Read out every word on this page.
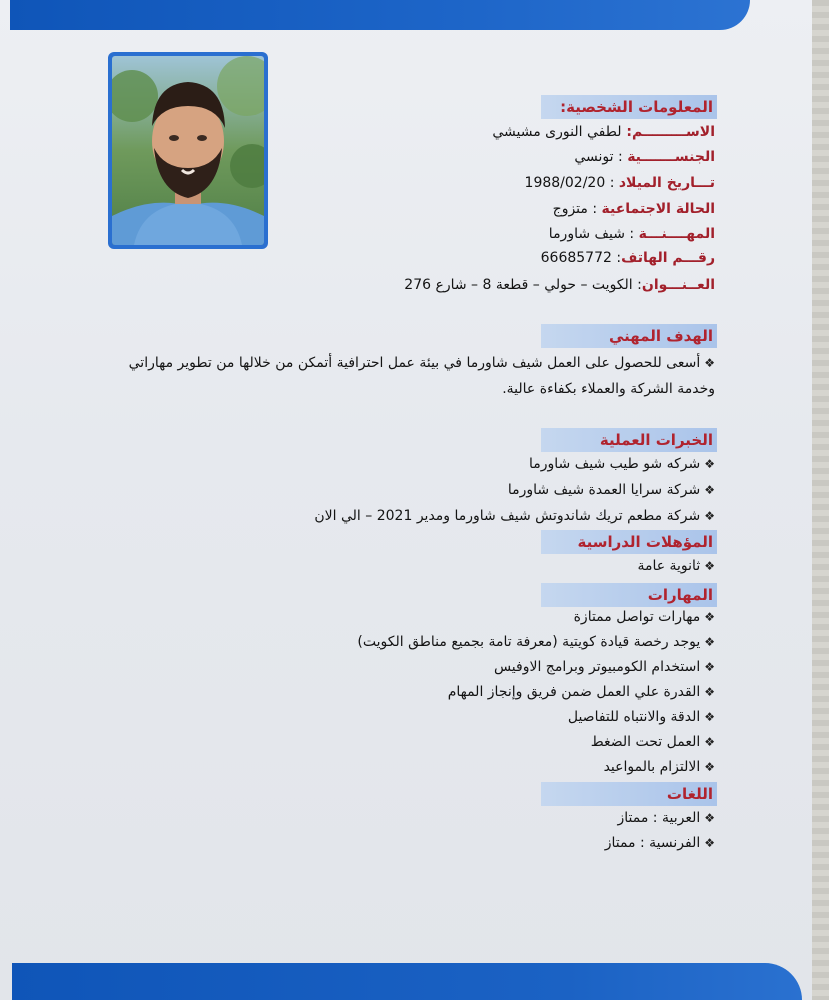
المعلومات الشخصية:
الاســـــــــم: لطفي النورى مشيشي
الجنســـــــية : تونسي
تـــاريخ الميلاد : 1988/02/20
الحالة الاجتماعية : متزوج
المهــــنـــة : شيف شاورما
رقـــم الهاتف: 66685772
العــنـــوان: الكويت – حولي – قطعة 8 – شارع 276
الهدف المهني
❖أسعى للحصول على العمل شيف شاورما في بيئة عمل احترافية أتمكن من خلالها من تطوير مهاراتي وخدمة الشركة والعملاء بكفاءة عالية.
الخبرات العملية
❖شركه شو طيب شيف شاورما
❖شركة سرايا العمدة شيف شاورما
❖شركة مطعم تريك شاندوتش شيف شاورما ومدير 2021 – الي الان
المؤهلات الدراسية
❖ثانوية عامة
المهارات
❖مهارات تواصل ممتازة
❖يوجد رخصة قيادة كويتية (معرفة تامة بجميع مناطق الكويت)
❖استخدام الكومبيوتر وبرامج الاوفيس
❖القدرة علي العمل ضمن فريق وإنجاز المهام
❖الدقة والانتباه للتفاصيل
❖العمل تحت الضغط
❖الالتزام بالمواعيد
اللغات
❖العربية : ممتاز
❖الفرنسية : ممتاز
